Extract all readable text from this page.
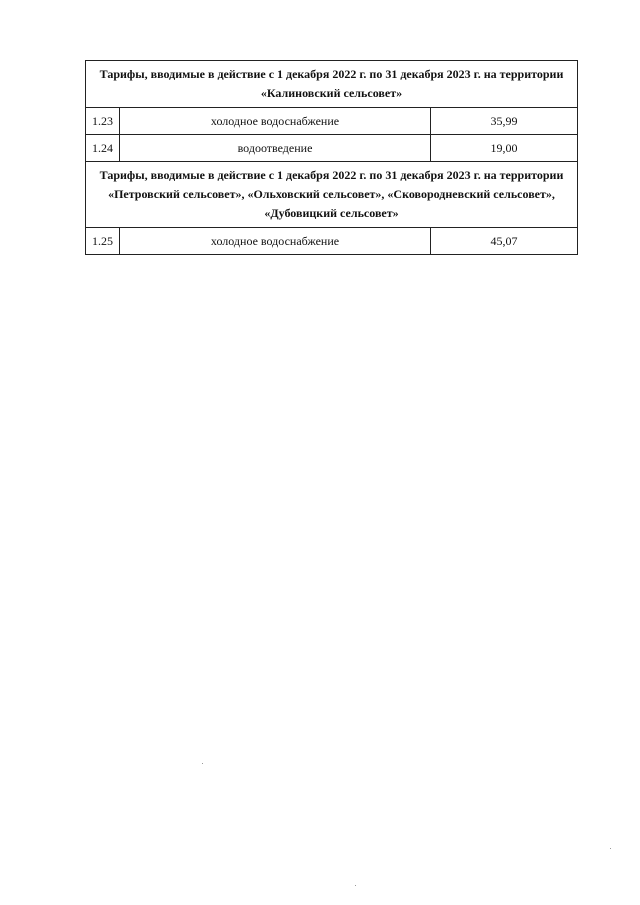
Тарифы, вводимые в действие с 1 декабря 2022 г. по 31 декабря 2023 г. на территории «Калиновский сельсовет»		
1.23	холодное водоснабжение	35,99
1.24	водоотведение	19,00
Тарифы, вводимые в действие с 1 декабря 2022 г. по 31 декабря 2023 г. на территории «Петровский сельсовет», «Ольховский сельсовет», «Сковородневский сельсовет», «Дубовицкий сельсовет»		
1.25	холодное водоснабжение	45,07
